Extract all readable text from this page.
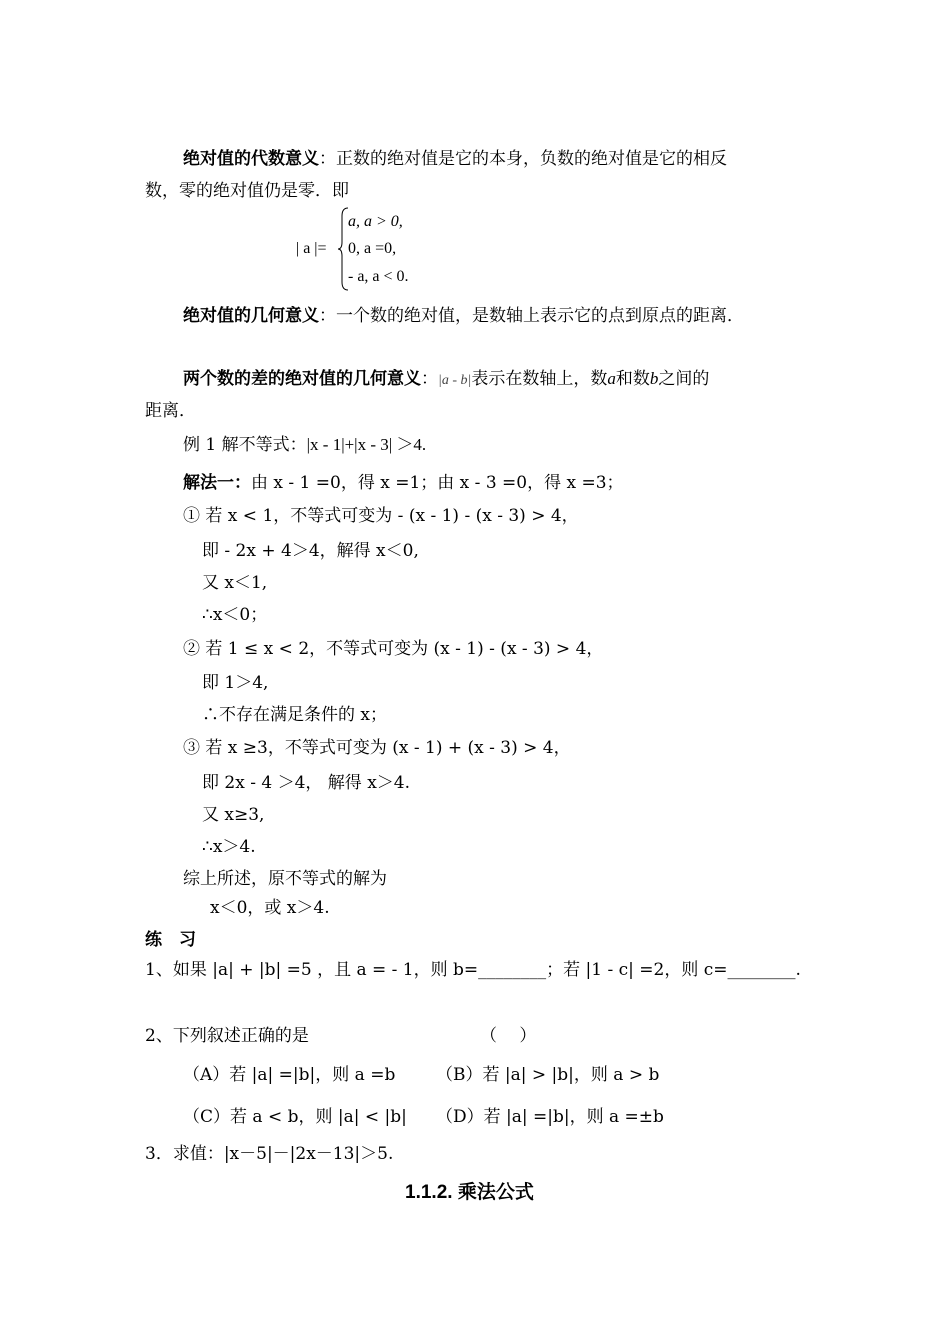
绝对值的代数意义：正数的绝对值是它的本身，负数的绝对值是它的相反
数，零的绝对值仍是零．即
| a |=
a, a > 0,
0, a =0,
- a, a < 0.
绝对值的几何意义：一个数的绝对值，是数轴上表示它的点到原点的距离．
两个数的差的绝对值的几何意义：|a - b|表示在数轴上，数a和数b之间的
距离．
例 1 解不等式：|x - 1|+|x - 3| ＞4.
解法一：由 x - 1 =0，得 x =1；由 x - 3 =0，得 x =3；
① 若 x < 1，不等式可变为 - (x - 1) - (x - 3) > 4，
即 - 2x + 4＞4，解得 x＜0,
又 x＜1,
∴x＜0；
② 若 1 ≤ x < 2，不等式可变为 (x - 1) - (x - 3) > 4，
即 1＞4,
∴不存在满足条件的 x；
③ 若 x ≥3，不等式可变为 (x - 1) + (x - 3) > 4，
即 2x - 4 ＞4， 解得 x＞4.
又 x≥3,
∴x＞4.
综上所述，原不等式的解为
x＜0，或 x＞4.
练　习
1、如果 |a| + |b| =5 ，且 a = - 1，则 b=________；若 |1 - c| =2，则 c=________.
2、下列叙述正确的是	（　 ）
（A）若 |a| =|b|，则 a =b （B）若 |a| > |b|，则 a > b
（C）若 a < b，则 |a| < |b| （D）若 |a| =|b|，则 a =±b
3．求值：|x－5|－|2x－13|＞5.
1.1.2. 乘法公式
